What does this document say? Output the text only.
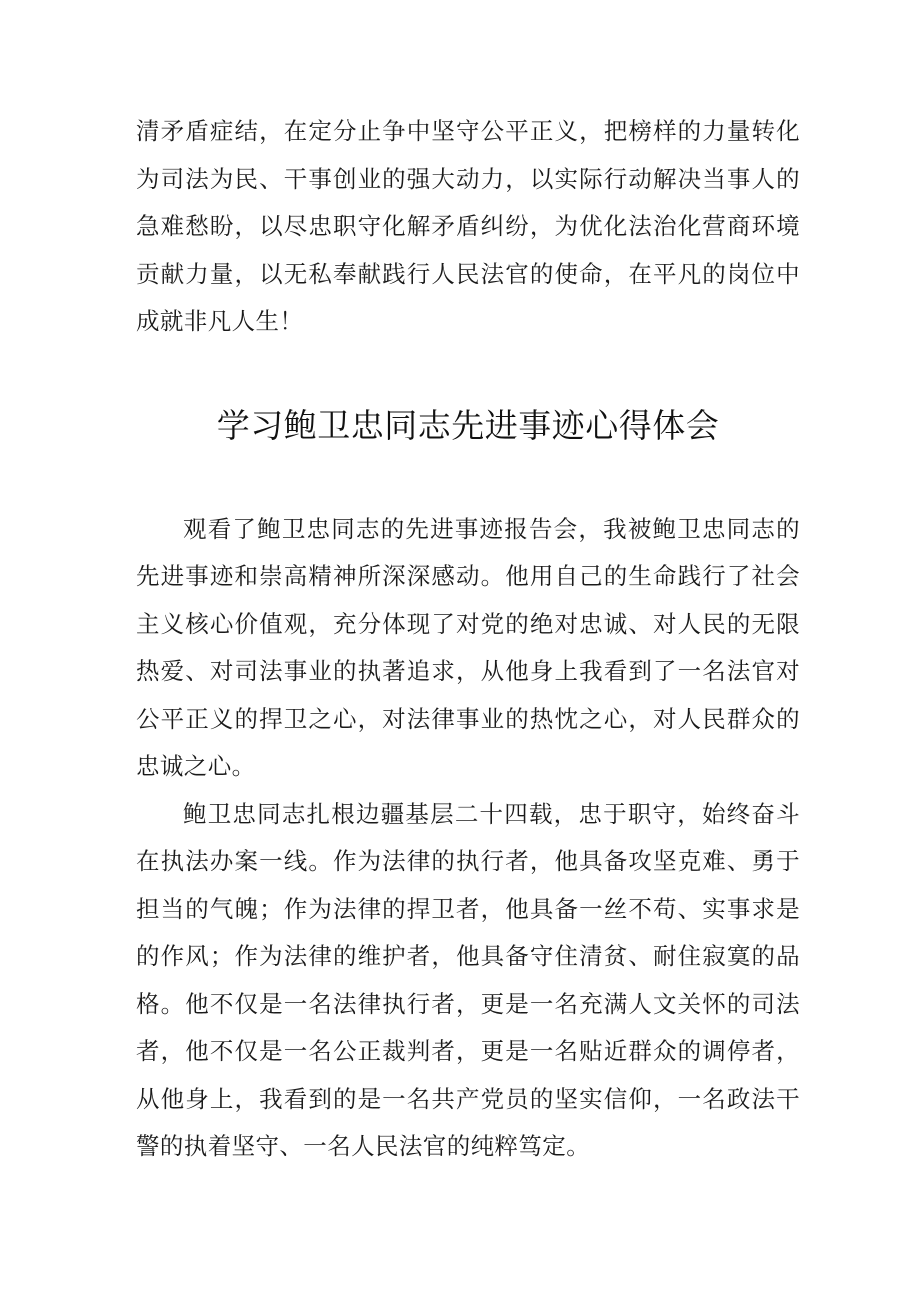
清矛盾症结，在定分止争中坚守公平正义，把榜样的力量转化为司法为民、干事创业的强大动力，以实际行动解决当事人的急难愁盼，以尽忠职守化解矛盾纠纷，为优化法治化营商环境贡献力量，以无私奉献践行人民法官的使命，在平凡的岗位中成就非凡人生！

学习鲍卫忠同志先进事迹心得体会

观看了鲍卫忠同志的先进事迹报告会，我被鲍卫忠同志的先进事迹和崇高精神所深深感动。他用自己的生命践行了社会主义核心价值观，充分体现了对党的绝对忠诚、对人民的无限热爱、对司法事业的执著追求，从他身上我看到了一名法官对公平正义的捍卫之心，对法律事业的热忱之心，对人民群众的忠诚之心。

鲍卫忠同志扎根边疆基层二十四载，忠于职守，始终奋斗在执法办案一线。作为法律的执行者，他具备攻坚克难、勇于担当的气魄；作为法律的捍卫者，他具备一丝不苟、实事求是的作风；作为法律的维护者，他具备守住清贫、耐住寂寞的品格。他不仅是一名法律执行者，更是一名充满人文关怀的司法者，他不仅是一名公正裁判者，更是一名贴近群众的调停者，从他身上，我看到的是一名共产党员的坚实信仰，一名政法干警的执着坚守、一名人民法官的纯粹笃定。
